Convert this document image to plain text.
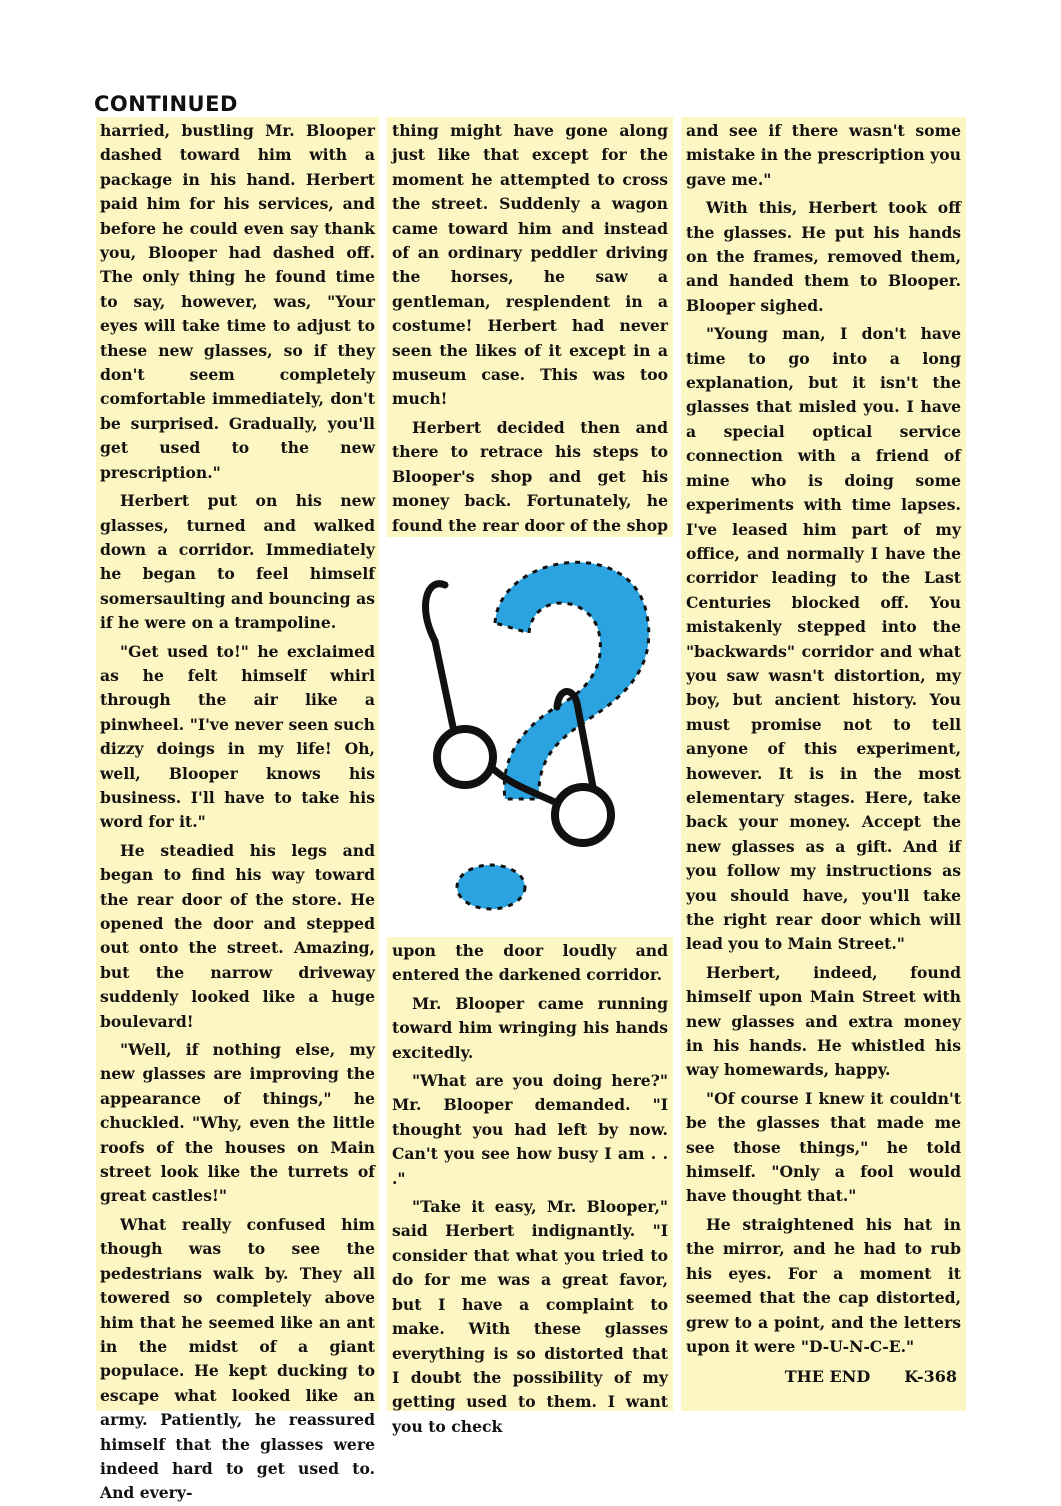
CONTINUED

harried, bustling Mr. Blooper dashed toward him with a package in his hand. Herbert paid him for his services, and before he could even say thank you, Blooper had dashed off. The only thing he found time to say, however, was, "Your eyes will take time to adjust to these new glasses, so if they don't seem completely comfortable immediately, don't be surprised. Gradually, you'll get used to the new prescription."

Herbert put on his new glasses, turned and walked down a corridor. Immediately he began to feel himself somersaulting and bouncing as if he were on a trampoline.

"Get used to!" he exclaimed as he felt himself whirl through the air like a pinwheel. "I've never seen such dizzy doings in my life! Oh, well, Blooper knows his business. I'll have to take his word for it."

He steadied his legs and began to find his way toward the rear door of the store. He opened the door and stepped out onto the street. Amazing, but the narrow driveway suddenly looked like a huge boulevard!

"Well, if nothing else, my new glasses are improving the appearance of things," he chuckled. "Why, even the little roofs of the houses on Main street look like the turrets of great castles!"

What really confused him though was to see the pedestrians walk by. They all towered so completely above him that he seemed like an ant in the midst of a giant populace. He kept ducking to escape what looked like an army. Patiently, he reassured himself that the glasses were indeed hard to get used to. And every-

thing might have gone along just like that except for the moment he attempted to cross the street. Suddenly a wagon came toward him and instead of an ordinary peddler driving the horses, he saw a gentleman, resplendent in a costume! Herbert had never seen the likes of it except in a museum case. This was too much!

Herbert decided then and there to retrace his steps to Blooper's shop and get his money back. Fortunately, he found the rear door of the shop

upon the door loudly and entered the darkened corridor.

Mr. Blooper came running toward him wringing his hands excitedly.

"What are you doing here?" Mr. Blooper demanded. "I thought you had left by now. Can't you see how busy I am . . ."

"Take it easy, Mr. Blooper," said Herbert indignantly. "I consider that what you tried to do for me was a great favor, but I have a complaint to make. With these glasses everything is so distorted that I doubt the possibility of my getting used to them. I want you to check

and see if there wasn't some mistake in the prescription you gave me."

With this, Herbert took off the glasses. He put his hands on the frames, removed them, and handed them to Blooper. Blooper sighed.

"Young man, I don't have time to go into a long explanation, but it isn't the glasses that misled you. I have a special optical service connection with a friend of mine who is doing some experiments with time lapses. I've leased him part of my office, and normally I have the corridor leading to the Last Centuries blocked off. You mistakenly stepped into the "backwards" corridor and what you saw wasn't distortion, my boy, but ancient history. You must promise not to tell anyone of this experiment, however. It is in the most elementary stages. Here, take back your money. Accept the new glasses as a gift. And if you follow my instructions as you should have, you'll take the right rear door which will lead you to Main Street."

Herbert, indeed, found himself upon Main Street with new glasses and extra money in his hands. He whistled his way homewards, happy.

"Of course I knew it couldn't be the glasses that made me see those things," he told himself. "Only a fool would have thought that."

He straightened his hat in the mirror, and he had to rub his eyes. For a moment it seemed that the cap distorted, grew to a point, and the letters upon it were "D-U-N-C-E."

THE END K-368
